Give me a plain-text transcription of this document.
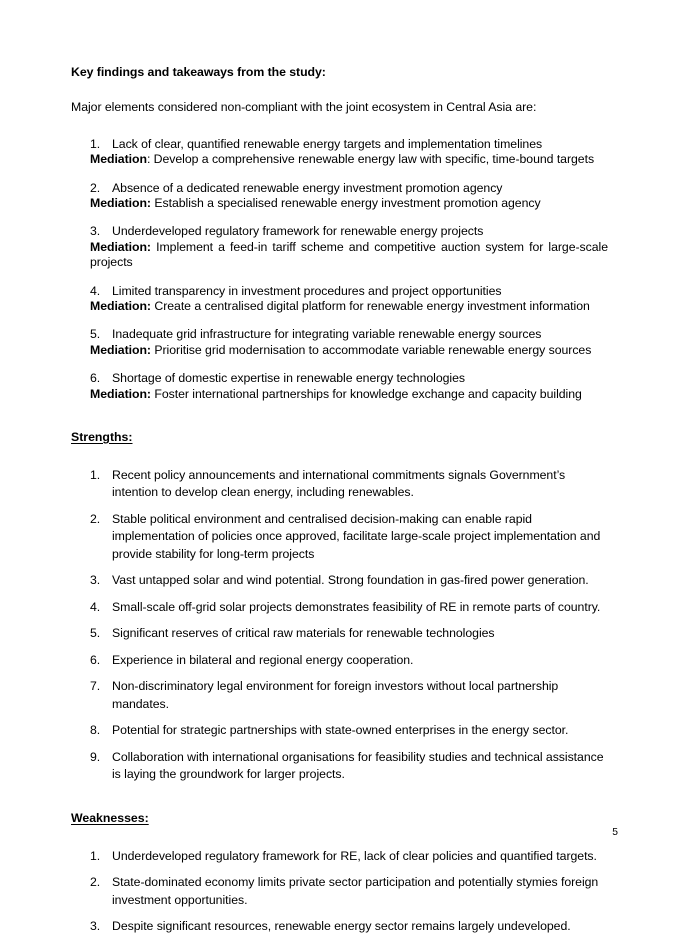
Key findings and takeaways from the study:

Major elements considered non-compliant with the joint ecosystem in Central Asia are:

1. Lack of clear, quantified renewable energy targets and implementation timelines
Mediation: Develop a comprehensive renewable energy law with specific, time-bound targets
2. Absence of a dedicated renewable energy investment promotion agency
Mediation: Establish a specialised renewable energy investment promotion agency
3. Underdeveloped regulatory framework for renewable energy projects
Mediation: Implement a feed-in tariff scheme and competitive auction system for large-scale projects
4. Limited transparency in investment procedures and project opportunities
Mediation: Create a centralised digital platform for renewable energy investment information
5. Inadequate grid infrastructure for integrating variable renewable energy sources
Mediation: Prioritise grid modernisation to accommodate variable renewable energy sources
6. Shortage of domestic expertise in renewable energy technologies
Mediation: Foster international partnerships for knowledge exchange and capacity building
Strengths:
1. Recent policy announcements and international commitments signals Government’s intention to develop clean energy, including renewables.
2. Stable political environment and centralised decision-making can enable rapid implementation of policies once approved, facilitate large-scale project implementation and provide stability for long-term projects
3. Vast untapped solar and wind potential. Strong foundation in gas-fired power generation.
4. Small-scale off-grid solar projects demonstrates feasibility of RE in remote parts of country.
5. Significant reserves of critical raw materials for renewable technologies
6. Experience in bilateral and regional energy cooperation.
7. Non-discriminatory legal environment for foreign investors without local partnership mandates.
8. Potential for strategic partnerships with state-owned enterprises in the energy sector.
9. Collaboration with international organisations for feasibility studies and technical assistance is laying the groundwork for larger projects.
Weaknesses:
1. Underdeveloped regulatory framework for RE, lack of clear policies and quantified targets.
2. State-dominated economy limits private sector participation and potentially stymies foreign investment opportunities.
3. Despite significant resources, renewable energy sector remains largely undeveloped.
5
